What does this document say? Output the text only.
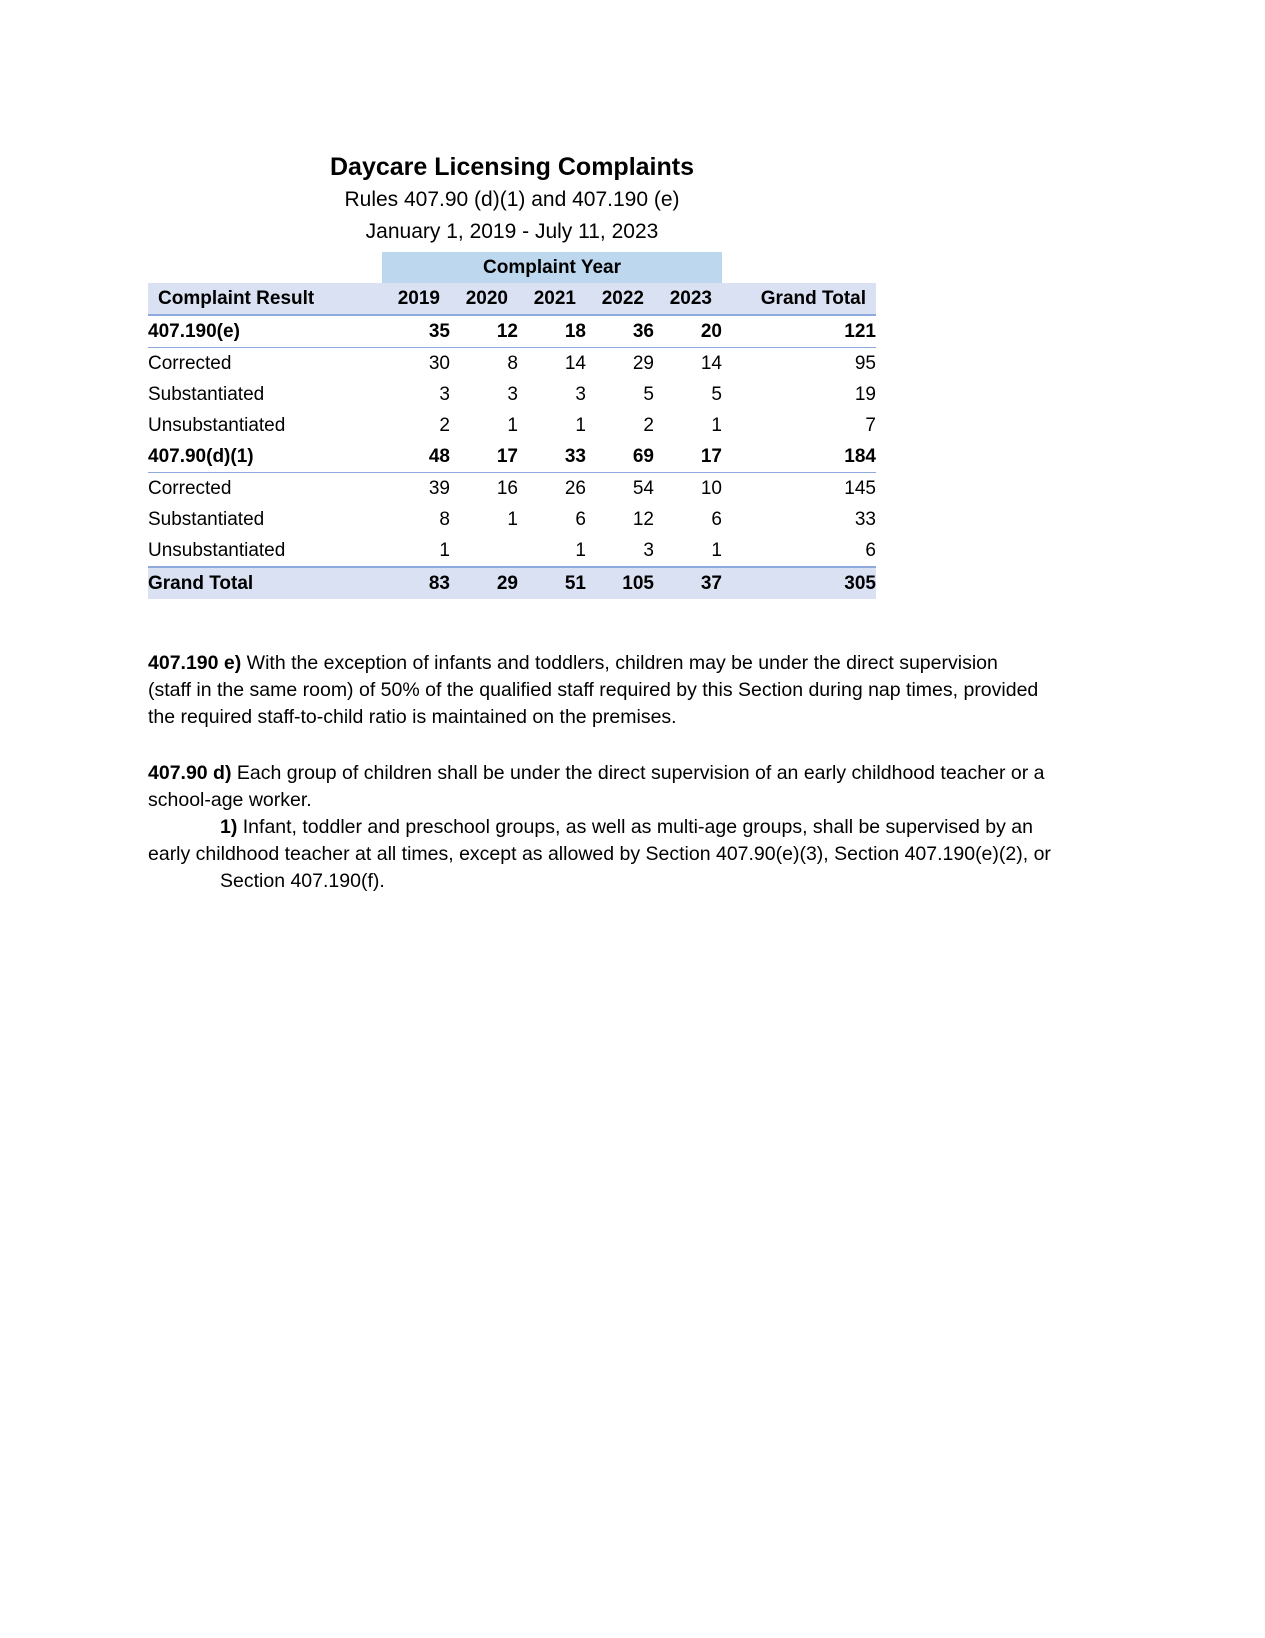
Daycare Licensing Complaints
Rules 407.90 (d)(1) and 407.190 (e)
January 1, 2019 - July 11, 2023
	Complaint Year					
Complaint Result	2019	2020	2021	2022	2023	Grand Total
407.190(e)	35	12	18	36	20	121
Corrected	30	8	14	29	14	95
Substantiated	3	3	3	5	5	19
Unsubstantiated	2	1	1	2	1	7
407.90(d)(1)	48	17	33	69	17	184
Corrected	39	16	26	54	10	145
Substantiated	8	1	6	12	6	33
Unsubstantiated	1		1	3	1	6
Grand Total	83	29	51	105	37	305
407.190 e) With the exception of infants and toddlers, children may be under the direct supervision
(staff in the same room) of 50% of the qualified staff required by this Section during nap times, provided
the required staff-to-child ratio is maintained on the premises.
407.90 d) Each group of children shall be under the direct supervision of an early childhood teacher or a
school-age worker.
1) Infant, toddler and preschool groups, as well as multi-age groups, shall be supervised by an
early childhood teacher at all times, except as allowed by Section 407.90(e)(3), Section 407.190(e)(2), or
Section 407.190(f).
